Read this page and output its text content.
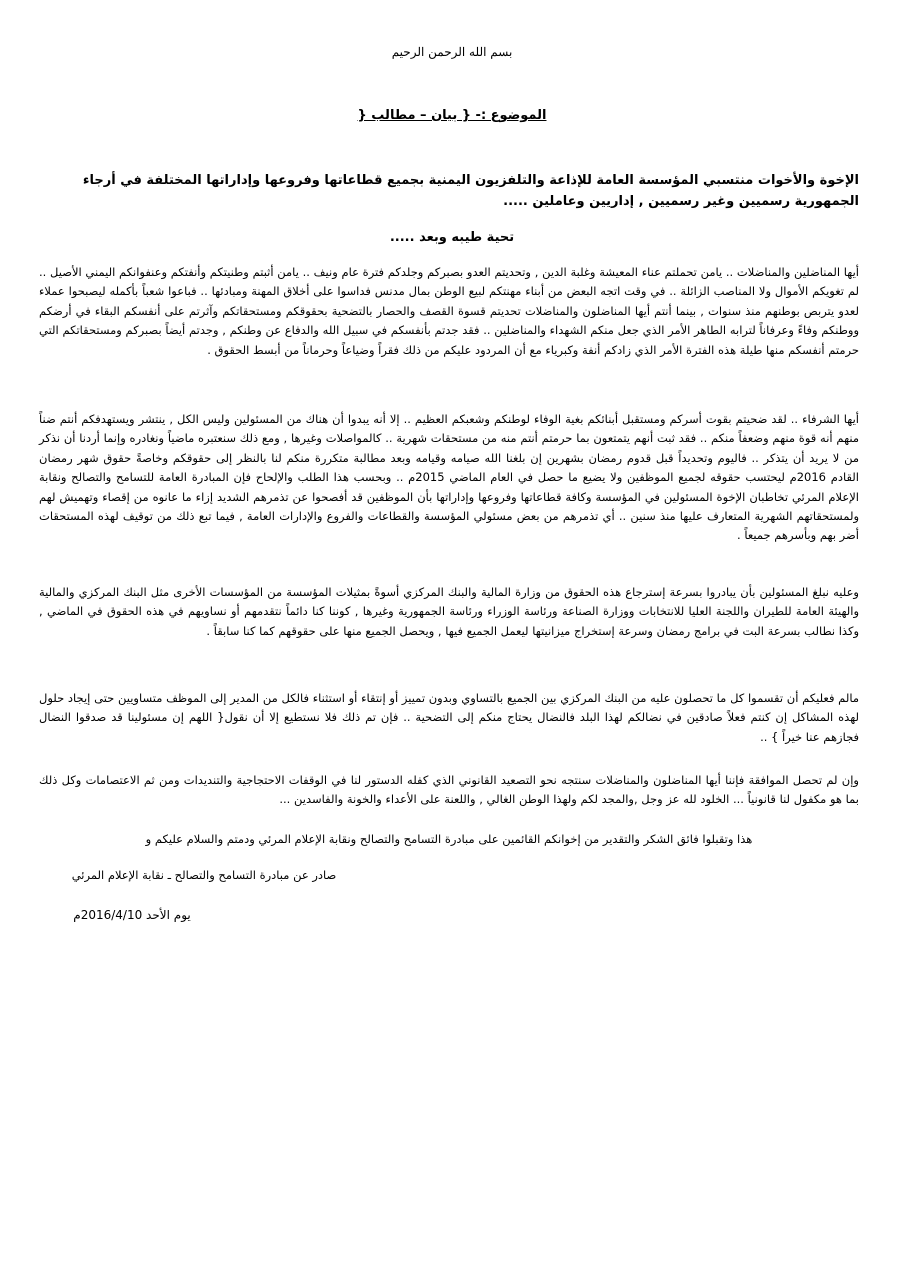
بسم الله الرحمن الرحيم
الموضوع :- { بيان – مطالب {
الإخوة والأخوات منتسبي المؤسسة العامة للإذاعة والتلفزيون اليمنية بجميع قطاعاتها وفروعها وإداراتها المختلفة في أرجاء الجمهورية رسميين وغير رسميين , إداريين وعاملين .....
تحية طيبه وبعد .....

أيها المناضلين والمناضلات .. يامن تحملتم عناء المعيشة وغلبة الدين , وتحديتم العدو بصبركم وجلدكم فترة عام ونيف .. يامن أثبتم وطنيتكم وأنفتكم وعنفوانكم اليمني الأصيل .. لم تغويكم الأموال ولا المناصب الزائلة .. في وقت اتجه البعض من أبناء مهنتكم لبيع الوطن بمال مدنس فداسوا على أخلاق المهنة ومبادئها .. فباعوا شعباً بأكمله ليصبحوا عملاء لعدو يتربص بوطنهم منذ سنوات , بينما أنتم أيها المناضلون والمناضلات تحديتم قسوة القصف والحصار بالتضحية بحقوقكم ومستحقاتكم وآثرتم على أنفسكم البقاء في أرضكم ووطنكم وفاءً وعرفاناً لترابه الطاهر الأمر الذي جعل منكم الشهداء والمناضلين .. فقد جدتم بأنفسكم في سبيل الله والدفاع عن وطنكم , وجدتم أيضاً بصبركم ومستحقاتكم التي حرمتم أنفسكم منها طيلة هذه الفترة الأمر الذي زادكم أنفة وكبرياء مع أن المردود عليكم من ذلك فقراً وضياعاً وحرماناً من أبسط الحقوق .

أيها الشرفاء .. لقد ضحيتم بقوت أسركم ومستقبل أبنائكم بغية الوفاء لوطنكم وشعبكم العظيم .. إلا أنه يبدوا أن هناك من المسئولين وليس الكل , ينتشر ويستهدفكم أنتم ضناً منهم أنه قوة منهم وضعفاً منكم .. فقد ثبت أنهم يتمتعون بما حرمتم أنتم منه من مستحقات شهرية .. كالمواصلات وغيرها , ومع ذلك سنعتبره ماضياً ونغادره وإنما أردنا أن نذكر من لا يريد أن يتذكر .. فاليوم وتحديداً قبل قدوم رمضان بشهرين إن بلغنا الله صيامه وقيامه وبعد مطالبة متكررة منكم لنا بالنظر إلى حقوقكم وخاصةً حقوق شهر رمضان القادم 2016م ليحتسب حقوقه لجميع الموظفين ولا يضيع ما حصل في العام الماضي 2015م .. وبحسب هذا الطلب والإلحاح فإن المبادرة العامة للتسامح والتصالح ونقابة الإعلام المرئي تخاطبان الإخوة المسئولين في المؤسسة وكافة قطاعاتها وفروعها وإداراتها بأن الموظفين قد أفصحوا عن تذمرهم الشديد إزاء ما عانوه من إقصاء وتهميش لهم ولمستحقاتهم الشهرية المتعارف عليها منذ سنين .. أي تذمرهم من بعض مسئولي المؤسسة والقطاعات والفروع والإدارات العامة , فيما تبع ذلك من توقيف لهذه المستحقات أضر بهم وبأسرهم جميعاً .

وعليه نبلغ المسئولين بأن يبادروا بسرعة إسترجاع هذه الحقوق من وزارة المالية والبنك المركزي أسوةً بمثيلات المؤسسة من المؤسسات الأخرى مثل البنك المركزي والمالية والهيئة العامة للطيران واللجنة العليا للانتخابات ووزارة الصناعة ورئاسة الوزراء ورئاسة الجمهورية وغيرها , كوننا كنا دائماً نتقدمهم أو نساويهم في هذه الحقوق في الماضي , وكذا نطالب بسرعة البت في برامج رمضان وسرعة إستخراج ميزانيتها ليعمل الجميع فيها , ويحصل الجميع منها على حقوقهم كما كنا سابقاً .

مالم فعليكم أن تقسموا كل ما تحصلون عليه من البنك المركزي بين الجميع بالتساوي وبدون تمييز أو إنتقاء أو استثناء فالكل من المدير إلى الموظف متساويين حتى إيجاد حلول لهذه المشاكل إن كنتم فعلاً صادقين في نضالكم لهذا البلد فالنضال يحتاج منكم إلى التضحية .. فإن تم ذلك فلا نستطيع إلا أن نقول{ اللهم إن مسئولينا قد صدقوا النضال فجازهم عنا خيراً } ..

وإن لم تحصل الموافقة فإننا أيها المناضلون والمناضلات سنتجه نحو التصعيد القانوني الذي كفله الدستور لنا في الوقفات الاحتجاجية والتنديدات ومن ثم الاعتصامات وكل ذلك بما هو مكفول لنا قانونياً ... الخلود لله عز وجل ,والمجد لكم ولهذا الوطن الغالي , واللعنة على الأعداء والخونة والفاسدين ...

هذا وتقبلوا فائق الشكر والتقدير من إخوانكم القائمين على مبادرة التسامح والتصالح ونقابة الإعلام المرئي ودمتم والسلام عليكم و
صادر عن مبادرة التسامح والتصالح ـ نقابة الإعلام المرئي
يوم الأحد 2016/4/10م
